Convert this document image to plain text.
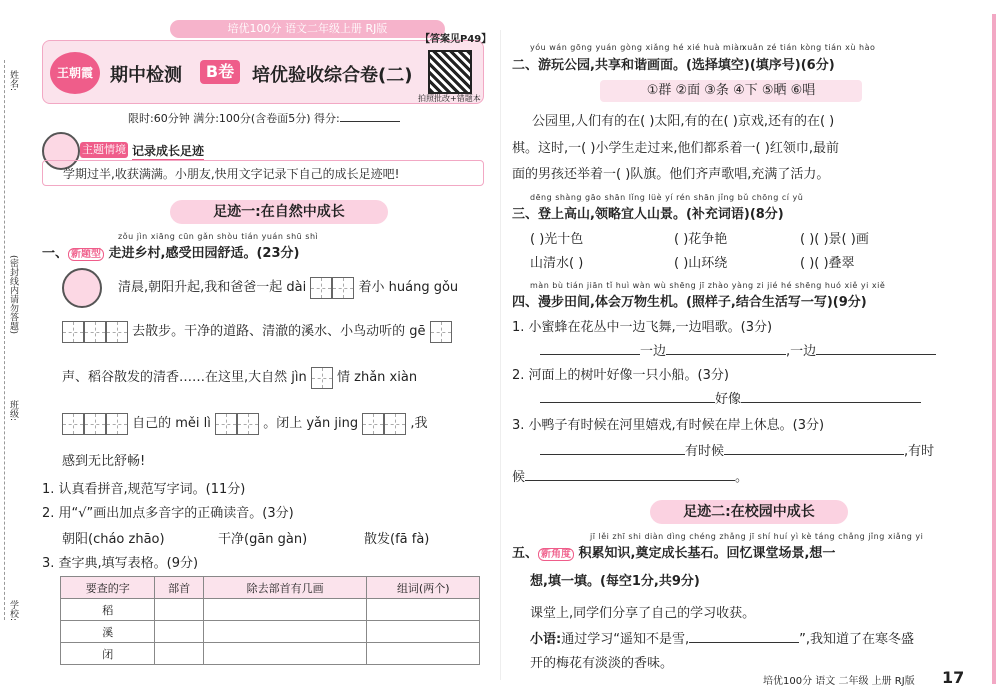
姓名:
(密封线内请勿答题)
班级:
学校:
培优100分 语文二年级上册 RJ版
王朝霞 期中检测	B卷 培优验收综合卷(二)
【答案见P49】
拍照批改+错题本
限时:60分钟 满分:100分(含卷面5分) 得分:
主题情境 记录成长足迹
学期过半,收获满满。小朋友,快用文字记录下自己的成长足迹吧!
足迹一:在自然中成长
zǒu jìn xiāng cūn gǎn shòu tián yuán shū shì
一、 新题型 走进乡村,感受田园舒适。(23分)
清晨,朝阳升起,我和爸爸一起 dài	着小 huáng gǒu
去散步。干净的道路、清澈的溪水、小鸟动听的 gē
声、稻谷散发的清香……在这里,大自然 jìn 情 zhǎn xiàn
自己的 měi lì	。闭上 yǎn jing	,我
感到无比舒畅!
1. 认真看拼音,规范写字词。(11分)
2. 用“√”画出加点多音字的正确读音。(3分)
朝阳(cháo zhāo)	干净(gān gàn)	散发(fā fà)
3. 查字典,填写表格。(9分)
要查的字	部首	除去部首有几画	组词(两个)
稻			
溪			
闭			
yóu wán gōng yuán gòng xiǎng hé xié huà miàn
xuǎn zé tián kòng tián xù hào
二、游玩公园,共享和谐画面。(选择填空)(填序号)(6分)
①群 ②面 ③条 ④下 ⑤晒 ⑥唱
公园里,人们有的在( )太阳,有的在( )京戏,还有的在( )
棋。这时,一( )小学生走过来,他们都系着一( )红领巾,最前
面的男孩还举着一( )队旗。他们齐声歌唱,充满了活力。
dēng shàng gāo shān lǐng lüè yí rén shān jǐng bǔ chōng cí yǔ
三、登上高山,领略宜人山景。(补充词语)(8分)
( )光十色	( )花争艳	( )( )景( )画
山清水( )	( )山环绕	( )( )叠翠
màn bù tián jiān tǐ huì wàn wù shēng jī zhào yàng zi jié hé shēng huó xiě yi xiě
四、漫步田间,体会万物生机。(照样子,结合生活写一写)(9分)
1. 小蜜蜂在花丛中一边飞舞,一边唱歌。(3分)
一边	,一边
2. 河面上的树叶好像一只小船。(3分)
好像
3. 小鸭子有时候在河里嬉戏,有时候在岸上休息。(3分)
有时候	,有时
候	。
足迹二:在校园中成长
jī lěi zhī shi diàn dìng chéng zhǎng jī shí huí yì kè táng chǎng jǐng xiǎng yi
五、 新角度 积累知识,奠定成长基石。回忆课堂场景,想一
想,填一填。(每空1分,共9分)
课堂上,同学们分享了自己的学习收获。
小语:通过学习“遥知不是雪,	”,我知道了在寒冬盛
开的梅花有淡淡的香味。
培优100分 语文 二年级 上册 RJ版 17
